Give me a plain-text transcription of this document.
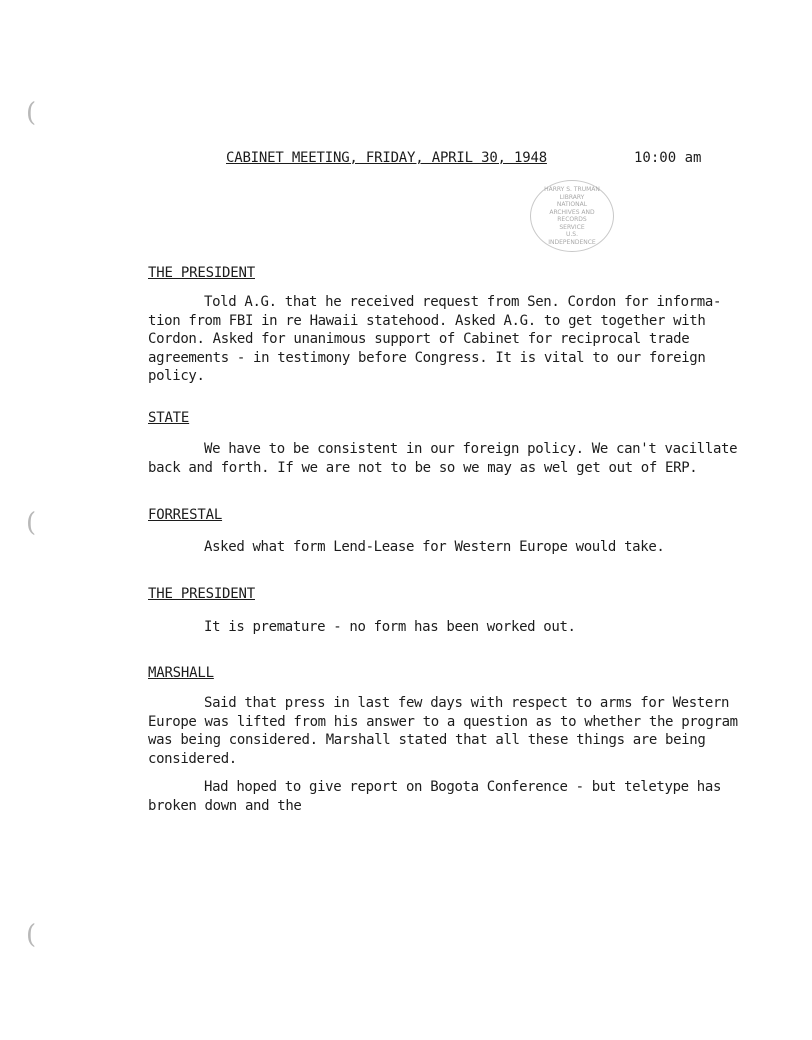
(
(
(
CABINET MEETING, FRIDAY, APRIL 30, 1948	10:00 am
HARRY S. TRUMAN LIBRARY
NATIONAL
ARCHIVES AND
RECORDS
SERVICE
U.S.
INDEPENDENCE
THE PRESIDENT
Told A.G. that he received request from Sen. Cordon for informa-
tion from FBI in re Hawaii statehood. Asked A.G. to get together with
Cordon. Asked for unanimous support of Cabinet for reciprocal trade
agreements - in testimony before Congress. It is vital to our foreign
policy.
STATE
We have to be consistent in our foreign policy. We can't vacillate
back and forth. If we are not to be so we may as wel get out of ERP.
FORRESTAL
Asked what form Lend-Lease for Western Europe would take.
THE PRESIDENT
It is premature - no form has been worked out.
MARSHALL
Said that press in last few days with respect to arms for Western
Europe was lifted from his answer to a question as to whether the program
was being considered. Marshall stated that all these things are being
considered.
Had hoped to give report on Bogota Conference - but teletype has
broken down and the
